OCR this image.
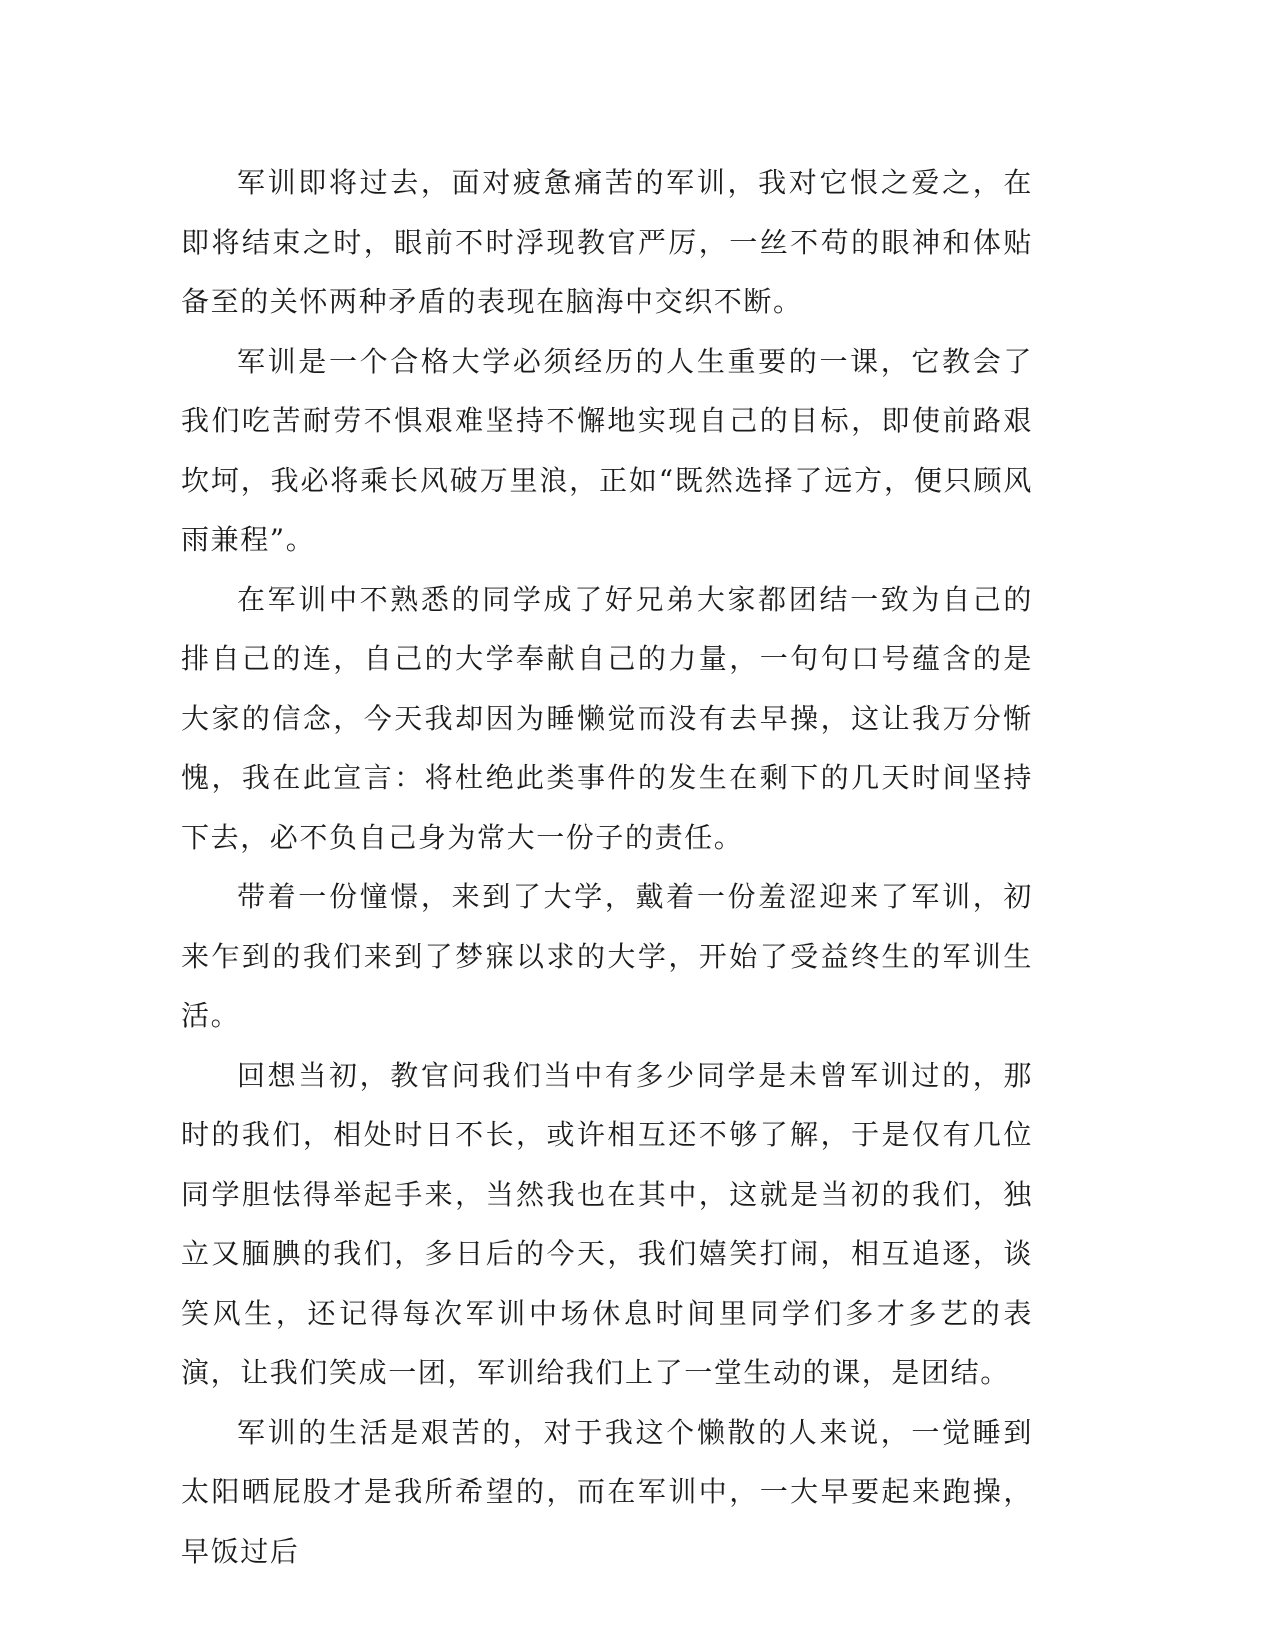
军训即将过去，面对疲惫痛苦的军训，我对它恨之爱之，在即将结束之时，眼前不时浮现教官严厉，一丝不苟的眼神和体贴备至的关怀两种矛盾的表现在脑海中交织不断。

军训是一个合格大学必须经历的人生重要的一课，它教会了我们吃苦耐劳不惧艰难坚持不懈地实现自己的目标，即使前路艰坎坷，我必将乘长风破万里浪，正如“既然选择了远方，便只顾风雨兼程”。

在军训中不熟悉的同学成了好兄弟大家都团结一致为自己的排自己的连，自己的大学奉献自己的力量，一句句口号蕴含的是大家的信念，今天我却因为睡懒觉而没有去早操，这让我万分惭愧，我在此宣言：将杜绝此类事件的发生在剩下的几天时间坚持下去，必不负自己身为常大一份子的责任。

带着一份憧憬，来到了大学，戴着一份羞涩迎来了军训，初来乍到的我们来到了梦寐以求的大学，开始了受益终生的军训生活。

回想当初，教官问我们当中有多少同学是未曾军训过的，那时的我们，相处时日不长，或许相互还不够了解，于是仅有几位同学胆怯得举起手来，当然我也在其中，这就是当初的我们，独立又腼腆的我们，多日后的今天，我们嬉笑打闹，相互追逐，谈笑风生，还记得每次军训中场休息时间里同学们多才多艺的表演，让我们笑成一团，军训给我们上了一堂生动的课，是团结。

军训的生活是艰苦的，对于我这个懒散的人来说，一觉睡到太阳晒屁股才是我所希望的，而在军训中，一大早要起来跑操，早饭过后
